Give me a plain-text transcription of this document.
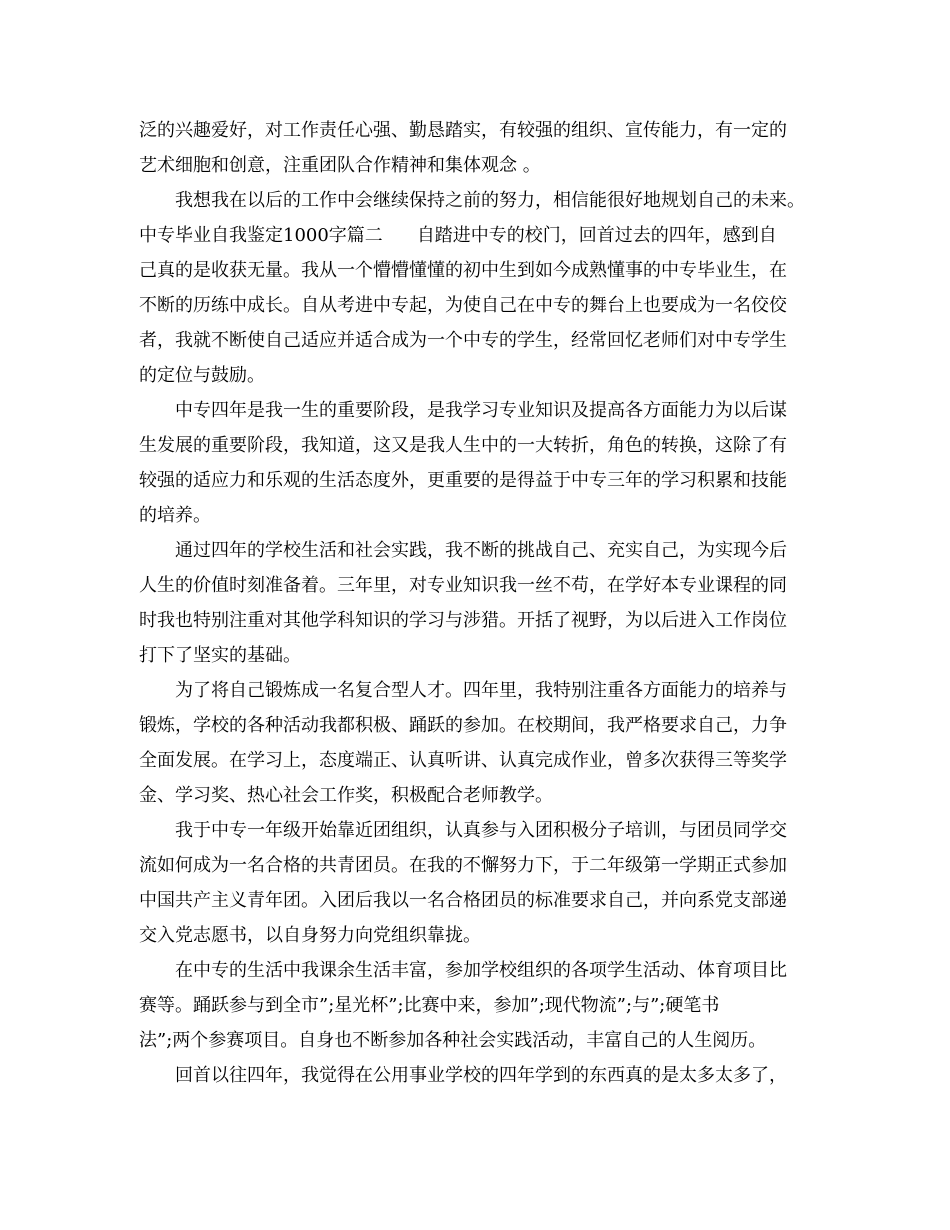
泛的兴趣爱好，对工作责任心强、勤恳踏实，有较强的组织、宣传能力，有一定的
艺术细胞和创意，注重团队合作精神和集体观念 。
我想我在以后的工作中会继续保持之前的努力，相信能很好地规划自己的未来。
中专毕业自我鉴定1000字篇二 自踏进中专的校门，回首过去的四年，感到自
己真的是收获无量。我从一个懵懵懂懂的初中生到如今成熟懂事的中专毕业生，在
不断的历练中成长。自从考进中专起，为使自己在中专的舞台上也要成为一名佼佼
者，我就不断使自己适应并适合成为一个中专的学生，经常回忆老师们对中专学生
的定位与鼓励。
中专四年是我一生的重要阶段，是我学习专业知识及提高各方面能力为以后谋
生发展的重要阶段，我知道，这又是我人生中的一大转折，角色的转换，这除了有
较强的适应力和乐观的生活态度外，更重要的是得益于中专三年的学习积累和技能
的培养。
通过四年的学校生活和社会实践，我不断的挑战自己、充实自己，为实现今后
人生的价值时刻准备着。三年里，对专业知识我一丝不苟，在学好本专业课程的同
时我也特别注重对其他学科知识的学习与涉猎。开括了视野，为以后进入工作岗位
打下了坚实的基础。
为了将自己锻炼成一名复合型人才。四年里，我特别注重各方面能力的培养与
锻炼，学校的各种活动我都积极、踊跃的参加。在校期间，我严格要求自己，力争
全面发展。在学习上，态度端正、认真听讲、认真完成作业，曾多次获得三等奖学
金、学习奖、热心社会工作奖，积极配合老师教学。
我于中专一年级开始靠近团组织，认真参与入团积极分子培训，与团员同学交
流如何成为一名合格的共青团员。在我的不懈努力下，于二年级第一学期正式参加
中国共产主义青年团。入团后我以一名合格团员的标准要求自己，并向系党支部递
交入党志愿书，以自身努力向党组织靠拢。
在中专的生活中我课余生活丰富，参加学校组织的各项学生活动、体育项目比
赛等。踊跃参与到全市”;星光杯”;比赛中来，参加”;现代物流”;与”;硬笔书
法”;两个参赛项目。自身也不断参加各种社会实践活动，丰富自己的人生阅历。
回首以往四年，我觉得在公用事业学校的四年学到的东西真的是太多太多了，
